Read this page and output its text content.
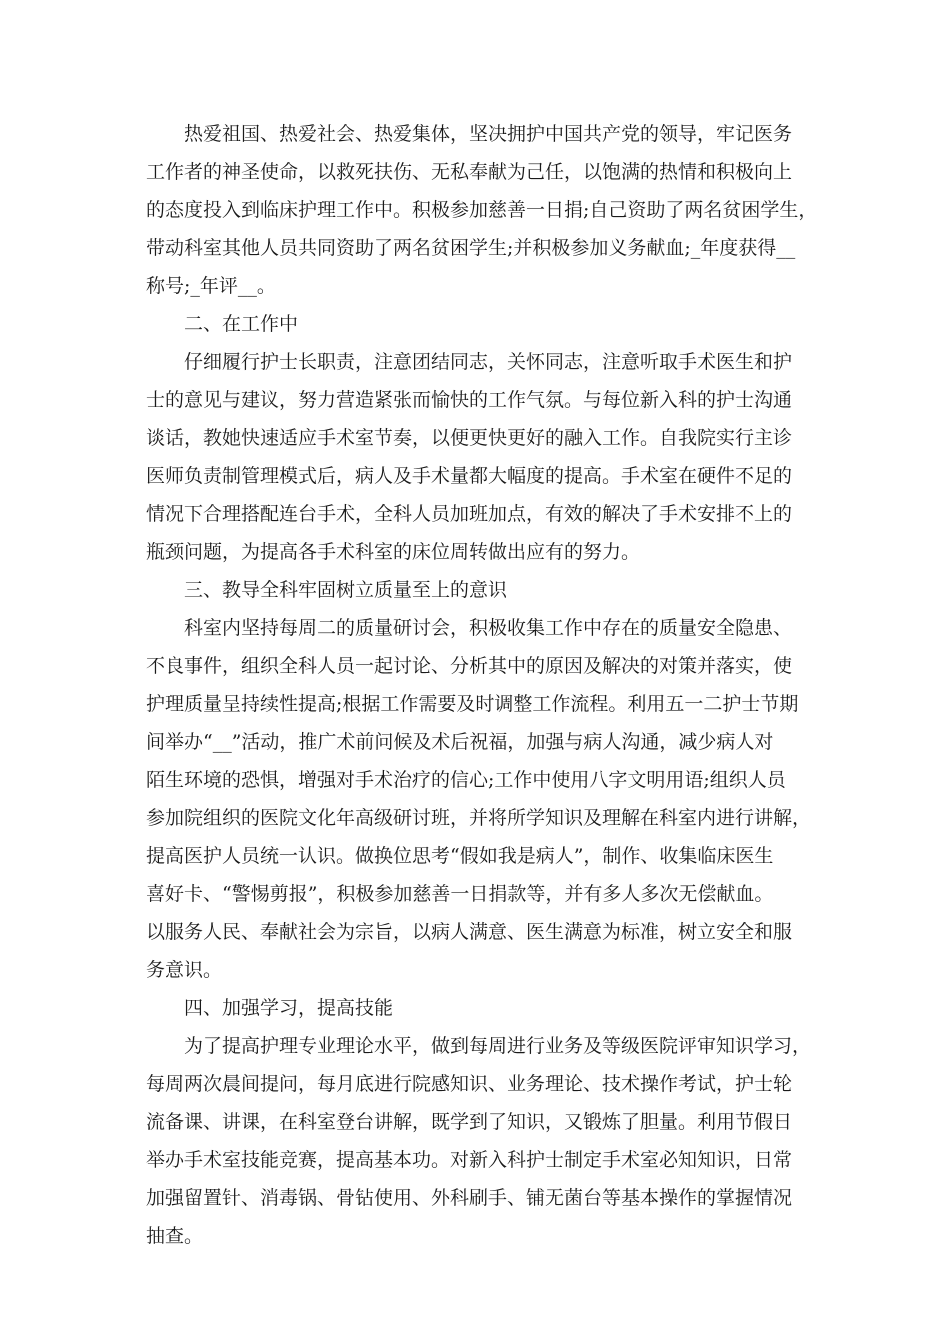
热爱祖国、热爱社会、热爱集体，坚决拥护中国共产党的领导，牢记医务
工作者的神圣使命，以救死扶伤、无私奉献为己任，以饱满的热情和积极向上
的态度投入到临床护理工作中。积极参加慈善一日捐;自己资助了两名贫困学生，
带动科室其他人员共同资助了两名贫困学生;并积极参加义务献血;_年度获得__
称号;_年评__。
二、在工作中
仔细履行护士长职责，注意团结同志，关怀同志，注意听取手术医生和护
士的意见与建议，努力营造紧张而愉快的工作气氛。与每位新入科的护士沟通
谈话，教她快速适应手术室节奏，以便更快更好的融入工作。自我院实行主诊
医师负责制管理模式后，病人及手术量都大幅度的提高。手术室在硬件不足的
情况下合理搭配连台手术，全科人员加班加点，有效的解决了手术安排不上的
瓶颈问题，为提高各手术科室的床位周转做出应有的努力。
三、教导全科牢固树立质量至上的意识
科室内坚持每周二的质量研讨会，积极收集工作中存在的质量安全隐患、
不良事件，组织全科人员一起讨论、分析其中的原因及解决的对策并落实，使
护理质量呈持续性提高;根据工作需要及时调整工作流程。利用五一二护士节期
间举办“__”活动，推广术前问候及术后祝福，加强与病人沟通，减少病人对
陌生环境的恐惧，增强对手术治疗的信心;工作中使用八字文明用语;组织人员
参加院组织的医院文化年高级研讨班，并将所学知识及理解在科室内进行讲解，
提高医护人员统一认识。做换位思考“假如我是病人”，制作、收集临床医生
喜好卡、“警惕剪报”，积极参加慈善一日捐款等，并有多人多次无偿献血。
以服务人民、奉献社会为宗旨，以病人满意、医生满意为标准，树立安全和服
务意识。
四、加强学习，提高技能
为了提高护理专业理论水平，做到每周进行业务及等级医院评审知识学习，
每周两次晨间提问，每月底进行院感知识、业务理论、技术操作考试，护士轮
流备课、讲课，在科室登台讲解，既学到了知识，又锻炼了胆量。利用节假日
举办手术室技能竞赛，提高基本功。对新入科护士制定手术室必知知识，日常
加强留置针、消毒锅、骨钻使用、外科刷手、铺无菌台等基本操作的掌握情况
抽查。
